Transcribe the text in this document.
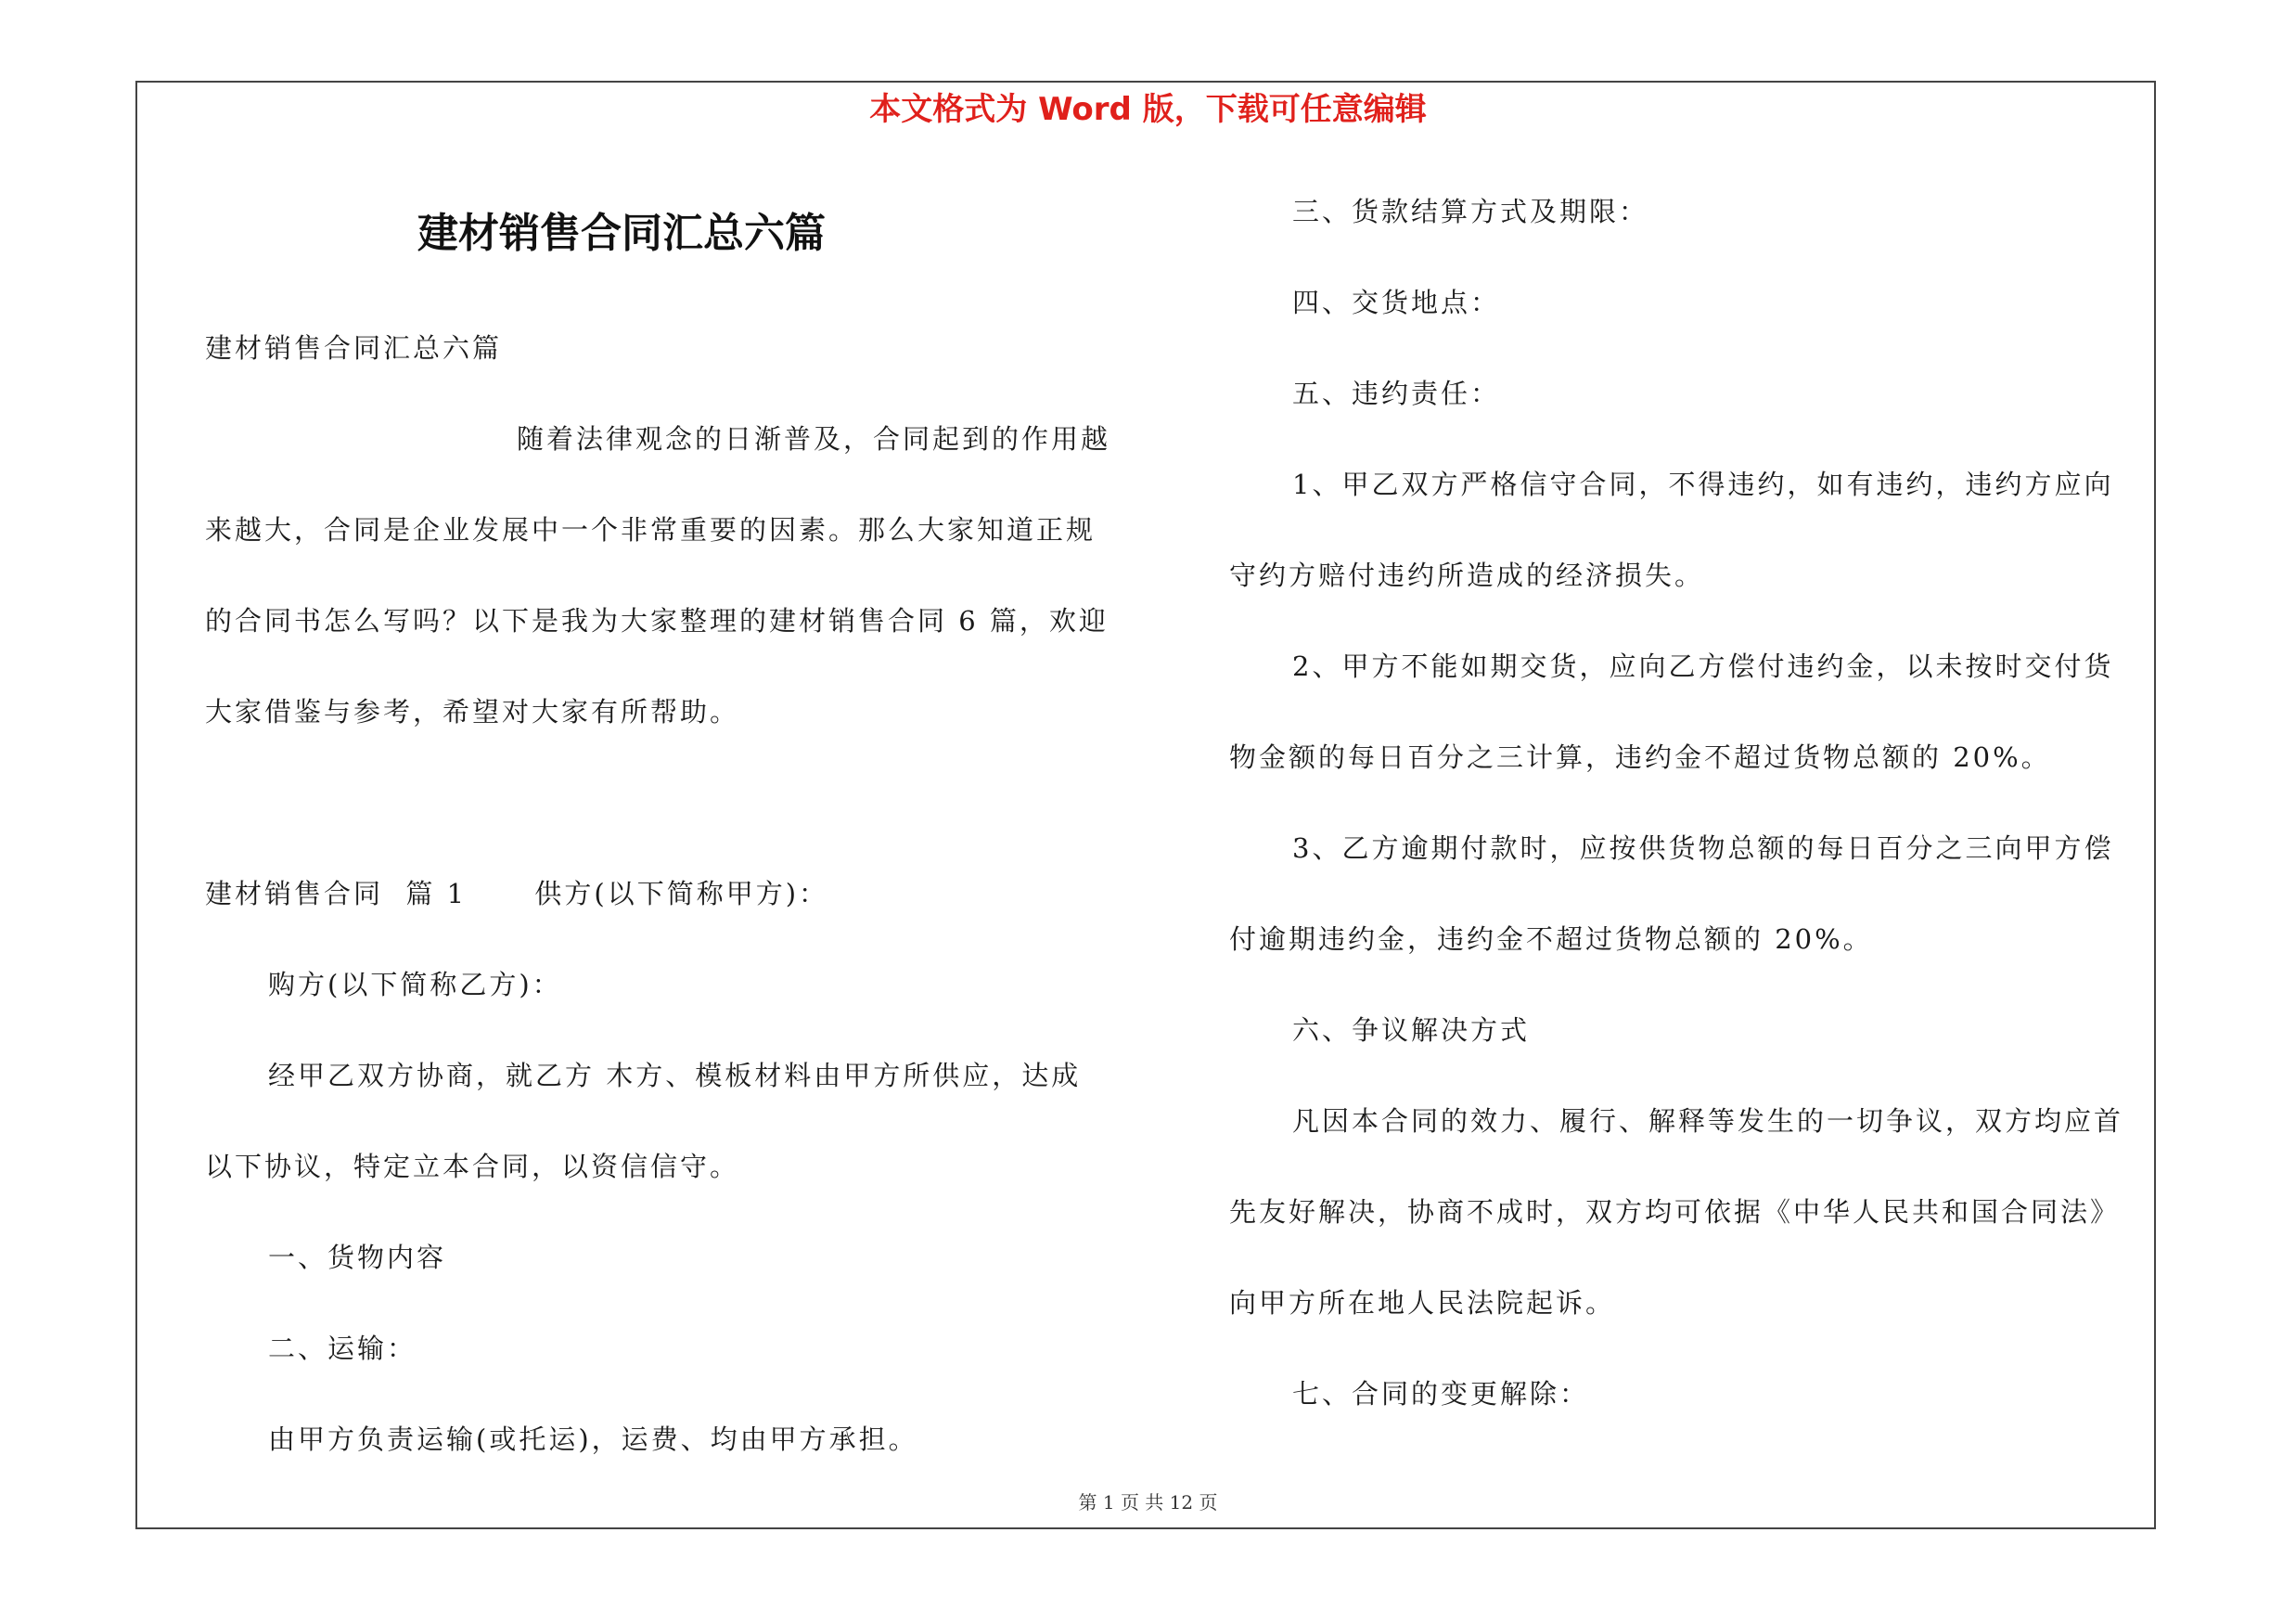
本文格式为 Word 版，下载可任意编辑
建材销售合同汇总六篇

建材销售合同汇总六篇

随着法律观念的日渐普及，合同起到的作用越

来越大，合同是企业发展中一个非常重要的因素。那么大家知道正规

的合同书怎么写吗？以下是我为大家整理的建材销售合同 6 篇，欢迎

大家借鉴与参考，希望对大家有所帮助。

建材销售合同  篇 1      供方(以下简称甲方)：

购方(以下简称乙方)：

经甲乙双方协商，就乙方 木方、模板材料由甲方所供应，达成

以下协议，特定立本合同，以资信信守。

一、货物内容

二、运输：

由甲方负责运输(或托运)，运费、均由甲方承担。

三、货款结算方式及期限：

四、交货地点：

五、违约责任：

1、甲乙双方严格信守合同，不得违约，如有违约，违约方应向

守约方赔付违约所造成的经济损失。

2、甲方不能如期交货，应向乙方偿付违约金，以未按时交付货

物金额的每日百分之三计算，违约金不超过货物总额的 20%。

3、乙方逾期付款时，应按供货物总额的每日百分之三向甲方偿

付逾期违约金，违约金不超过货物总额的 20%。

六、争议解决方式

凡因本合同的效力、履行、解释等发生的一切争议，双方均应首

先友好解决，协商不成时，双方均可依据《中华人民共和国合同法》

向甲方所在地人民法院起诉。

七、合同的变更解除：

第 1 页 共 12 页
